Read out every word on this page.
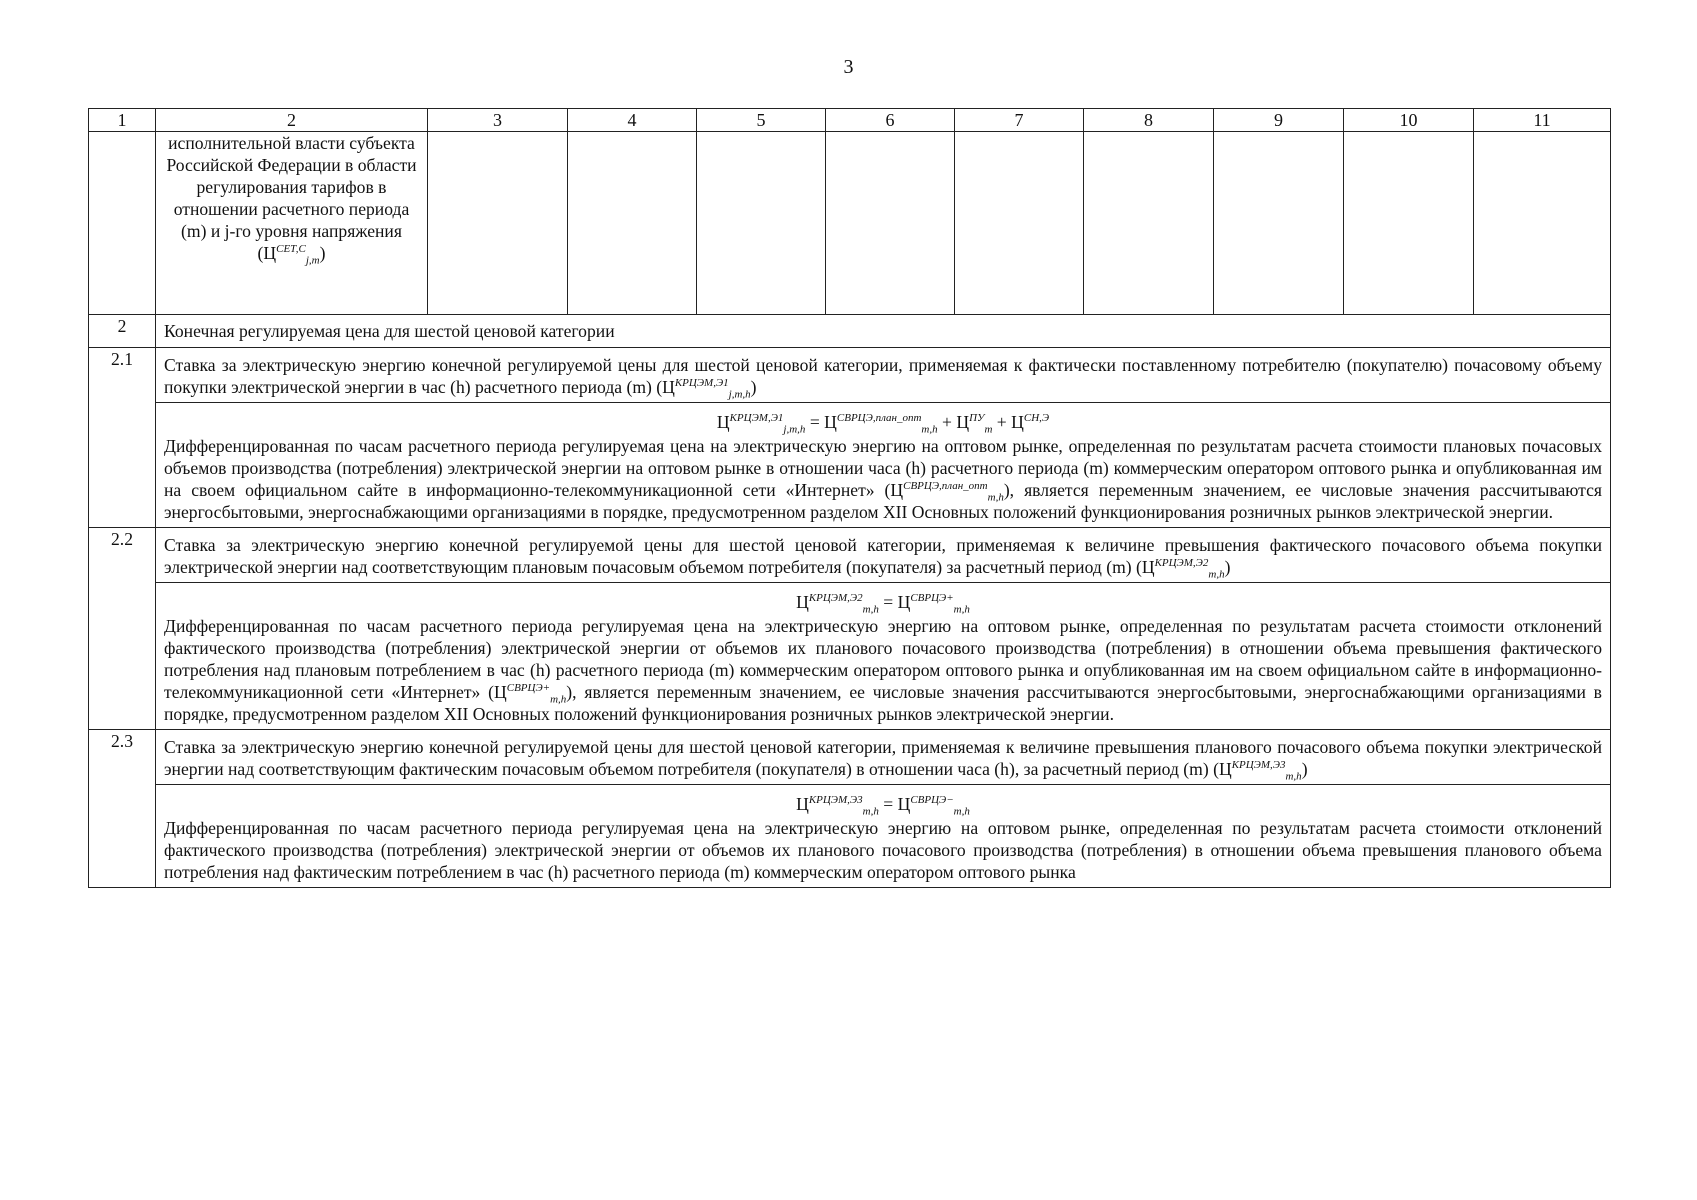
3
1	2	3	4	5	6	7	8	9	10	11
	исполнительной власти субъекта Российской Федерации в области регулирования тарифов в отношении расчетного периода (m) и j-го уровня напряжения $(Ц^{СЕТ,С}_{j,m})$									
2	Конечная регулируемая цена для шестой ценовой категории									
2.1	Ставка за электрическую энергию конечной регулируемой цены для шестой ценовой категории, применяемая к фактически поставленному потребителю (покупателю) почасовому объему покупки электрической энергии в час (h) расчетного периода (m) $(Ц^{КРЦЭМ,Э1}_{j,m,h})$									

	$Ц^{КРЦЭМ,Э1}_{j,m,h} = Ц^{СВРЦЭ,план\_опт}_{m,h} + Ц^{ПУ}_m + Ц^{СН,Э}$
Дифференцированная по часам расчетного периода регулируемая цена на электрическую энергию на оптовом рынке, определенная по результатам расчета стоимости плановых почасовых объемов производства (потребления) электрической энергии на оптовом рынке в отношении часа (h) расчетного периода (m) коммерческим оператором оптового рынка и опубликованная им на своем официальном сайте в информационно-телекоммуникационной сети «Интернет» $(Ц^{СВРЦЭ,план\_опт}_{m,h})$, является переменным значением, ее числовые значения рассчитываются энергосбытовыми, энергоснабжающими организациями в порядке, предусмотренном разделом XII Основных положений функционирования розничных рынков электрической энергии.									

2.2	Ставка за электрическую энергию конечной регулируемой цены для шестой ценовой категории, применяемая к величине превышения фактического почасового объема покупки электрической энергии над соответствующим плановым почасовым объемом потребителя (покупателя) за расчетный период (m) $(Ц^{КРЦЭМ,Э2}_{m,h})$									

	$Ц^{КРЦЭМ,Э2}_{m,h} = Ц^{СВРЦЭ+}_{m,h}$
Дифференцированная по часам расчетного периода регулируемая цена на электрическую энергию на оптовом рынке, определенная по результатам расчета стоимости отклонений фактического производства (потребления) электрической энергии от объемов их планового почасового производства (потребления) в отношении объема превышения фактического потребления над плановым потреблением в час (h) расчетного периода (m) коммерческим оператором оптового рынка и опубликованная им на своем официальном сайте в информационно-телекоммуникационной сети «Интернет» $(Ц^{СВРЦЭ+}_{m,h})$, является переменным значением, ее числовые значения рассчитываются энергосбытовыми, энергоснабжающими организациями в порядке, предусмотренном разделом XII Основных положений функционирования розничных рынков электрической энергии.									

2.3	Ставка за электрическую энергию конечной регулируемой цены для шестой ценовой категории, применяемая к величине превышения планового почасового объема покупки электрической энергии над соответствующим фактическим почасовым объемом потребителя (покупателя) в отношении часа (h), за расчетный период (m) $(Ц^{КРЦЭМ,Э3}_{m,h})$									

	$Ц^{КРЦЭМ,Э3}_{m,h} = Ц^{СВРЦЭ-}_{m,h}$
Дифференцированная по часам расчетного периода регулируемая цена на электрическую энергию на оптовом рынке, определенная по результатам расчета стоимости отклонений фактического производства (потребления) электрической энергии от объемов их планового почасового производства (потребления) в отношении объема превышения планового объема потребления над фактическим потреблением в час (h) расчетного периода (m) коммерческим оператором оптового рынка									
